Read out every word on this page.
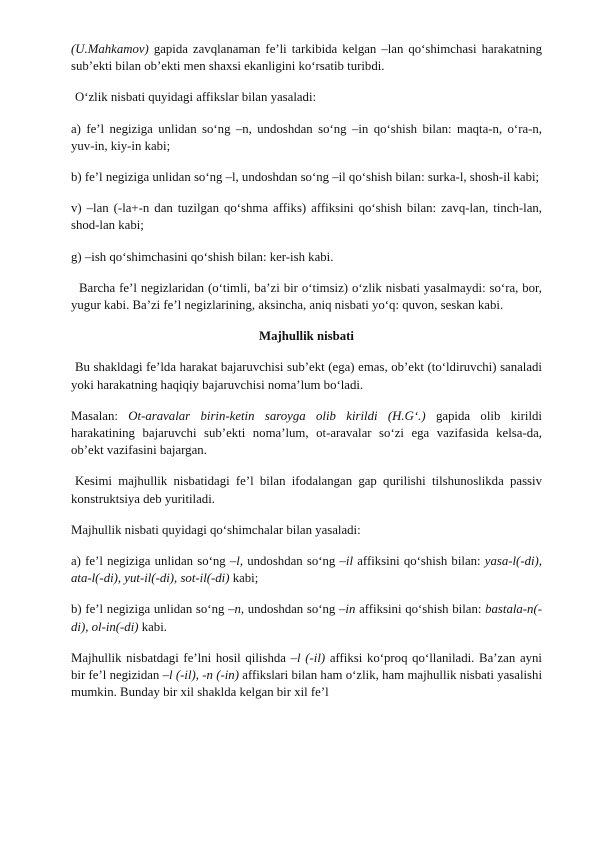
(U.Mahkamov) gapida zavqlanaman fe’li tarkibida kelgan –lan qo‘shimchasi harakatning sub’ekti bilan ob’ekti men shaxsi ekanligini ko‘rsatib turibdi.

O‘zlik nisbati quyidagi affikslar bilan yasaladi:

a) fe’l negiziga unlidan so‘ng –n, undoshdan so‘ng –in qo‘shish bilan: maqta-n, o‘ra-n, yuv-in, kiy-in kabi;

b) fe’l negiziga unlidan so‘ng –l, undoshdan so‘ng –il qo‘shish bilan: surka-l, shosh-il kabi;

v) –lan (-la+-n dan tuzilgan qo‘shma affiks) affiksini qo‘shish bilan: zavq-lan, tinch-lan, shod-lan kabi;

g) –ish qo‘shimchasini qo‘shish bilan: ker-ish kabi.

Barcha fe’l negizlaridan (o‘timli, ba’zi bir o‘timsiz) o‘zlik nisbati yasalmaydi: so‘ra, bor, yugur kabi. Ba’zi fe’l negizlarining, aksincha, aniq nisbati yo‘q: quvon, seskan kabi.

Majhullik nisbati

Bu shakldagi fe’lda harakat bajaruvchisi sub’ekt (ega) emas, ob’ekt (to‘ldiruvchi) sanaladi yoki harakatning haqiqiy bajaruvchisi noma’lum bo‘ladi.

Masalan: Ot-aravalar birin-ketin saroyga olib kirildi (H.G‘.) gapida olib kirildi harakatining bajaruvchi sub’ekti noma’lum, ot-aravalar so‘zi ega vazifasida kelsa-da, ob’ekt vazifasini bajargan.

Kesimi majhullik nisbatidagi fe’l bilan ifodalangan gap qurilishi tilshunoslikda passiv konstruktsiya deb yuritiladi.

Majhullik nisbati quyidagi qo‘shimchalar bilan yasaladi:

a) fe’l negiziga unlidan so‘ng –l, undoshdan so‘ng –il affiksini qo‘shish bilan: yasa-l(-di), ata-l(-di), yut-il(-di), sot-il(-di) kabi;

b) fe’l negiziga unlidan so‘ng –n, undoshdan so‘ng –in affiksini qo‘shish bilan: bastala-n(-di), ol-in(-di) kabi.

Majhullik nisbatdagi fe’lni hosil qilishda –l (-il) affiksi ko‘proq qo‘llaniladi. Ba’zan ayni bir fe’l negizidan –l (-il), -n (-in) affikslari bilan ham o‘zlik, ham majhullik nisbati yasalishi mumkin. Bunday bir xil shaklda kelgan bir xil fe’l
